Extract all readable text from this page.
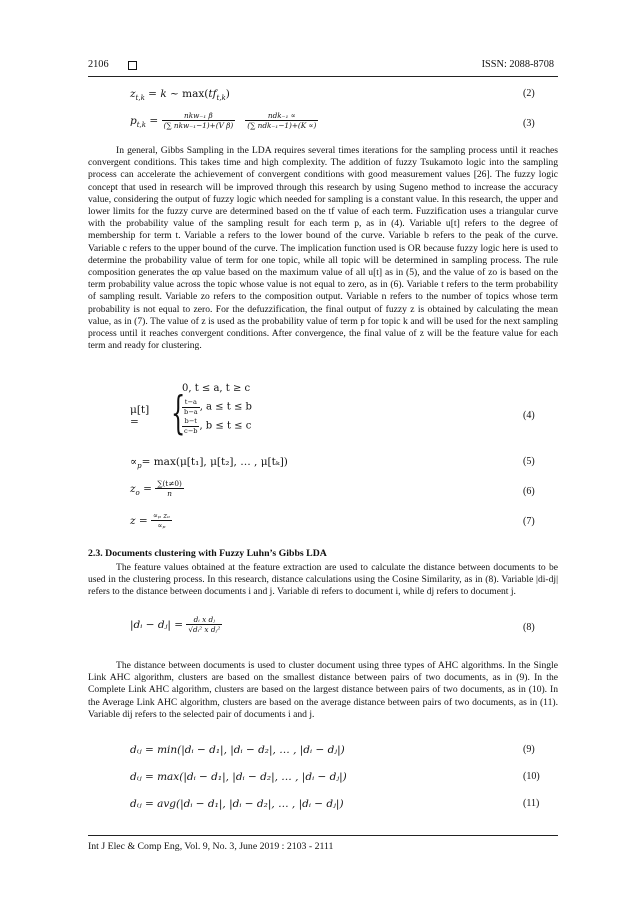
2106	ISSN: 2088-8708
$z_{t,k} = k$ ~ $\max(tf_{t,k})$	(2)
$p_{t,k} = \frac{\text{nkw₋₁ β}}{\text{(∑ nkw₋₁−1)+(V β)}}$
$\frac{\text{ndk₋₁ ∝}}{\text{(∑ ndk₋₁−1)+(K ∝)}}$	(3)

In general, Gibbs Sampling in the LDA requires several times iterations for the sampling process until it reaches convergent conditions. This takes time and high complexity. The addition of fuzzy Tsukamoto logic into the sampling process can accelerate the achievement of convergent conditions with good measurement values [26]. The fuzzy logic concept that used in research will be improved through this research by using Sugeno method to increase the accuracy value, considering the output of fuzzy logic which needed for sampling is a constant value. In this research, the upper and lower limits for the fuzzy curve are determined based on the tf value of each term. Fuzzification uses a triangular curve with the probability value of the sampling result for each term p, as in (4). Variable u[t] refers to the degree of membership for term t. Variable a refers to the lower bound of the curve. Variable b refers to the peak of the curve. Variable c refers to the upper bound of the curve. The implication function used is OR because fuzzy logic here is used to determine the probability value of term for one topic, while all topic will be determined in sampling process. The rule composition generates the αp value based on the maximum value of all u[t] as in (5), and the value of zo is based on the term probability value across the topic whose value is not equal to zero, as in (6). Variable t refers to the term probability of sampling result. Variable zo refers to the composition output. Variable n refers to the number of topics whose term probability is not equal to zero. For the defuzzification, the final output of fuzzy z is obtained by calculating the mean value, as in (7). The value of z is used as the probability value of term p for topic k and will be used for the next sampling process until it reaches convergent conditions. After convergence, the final value of z will be the feature value for each term and ready for clustering.

μ[t] = {
0, t ≤ a, t ≥ c
$\frac{t-a}{b-a}$ , a ≤ t ≤ b
$\frac{b-t}{c-b}$ , b ≤ t ≤ c
(4)
$\propto_p= \max(\mu[t_1]$, μ[t₂], … , μ[tₖ])	(5)
$z_o = \frac{\sum(t\ne 0)}{n}$	(6)
$z = \frac{\text{∝ₚ zₒ}}{\text{∝ₚ}}$	(7)
2.3. Documents clustering with Fuzzy Luhn’s Gibbs LDA

The feature values obtained at the feature extraction are used to calculate the distance between documents to be used in the clustering process. In this research, distance calculations using the Cosine Similarity, as in (8). Variable |di-dj| refers to the distance between documents i and j. Variable di refers to document i, while dj refers to document j.

|dᵢ − dⱼ| = $\frac{\text{dᵢ x dⱼ}}{\text{√dᵢ² x dⱼ²}}$	(8)

The distance between documents is used to cluster document using three types of AHC algorithms. In the Single Link AHC algorithm, clusters are based on the smallest distance between pairs of two documents, as in (9). In the Complete Link AHC algorithm, clusters are based on the largest distance between pairs of two documents, as in (10). In the Average Link AHC algorithm, clusters are based on the average distance between pairs of two documents, as in (11). Variable dij refers to the selected pair of documents i and j.

dᵢⱼ = min(|dᵢ − d₁|, |dᵢ − d₂|, … , |dᵢ − dⱼ|)	(9)
dᵢⱼ = max(|dᵢ − d₁|, |dᵢ − d₂|, … , |dᵢ − dⱼ|)	(10)
dᵢⱼ = avg(|dᵢ − d₁|, |dᵢ − d₂|, … , |dᵢ − dⱼ|)	(11)
Int J Elec & Comp Eng, Vol. 9, No. 3, June 2019 : 2103 - 2111
